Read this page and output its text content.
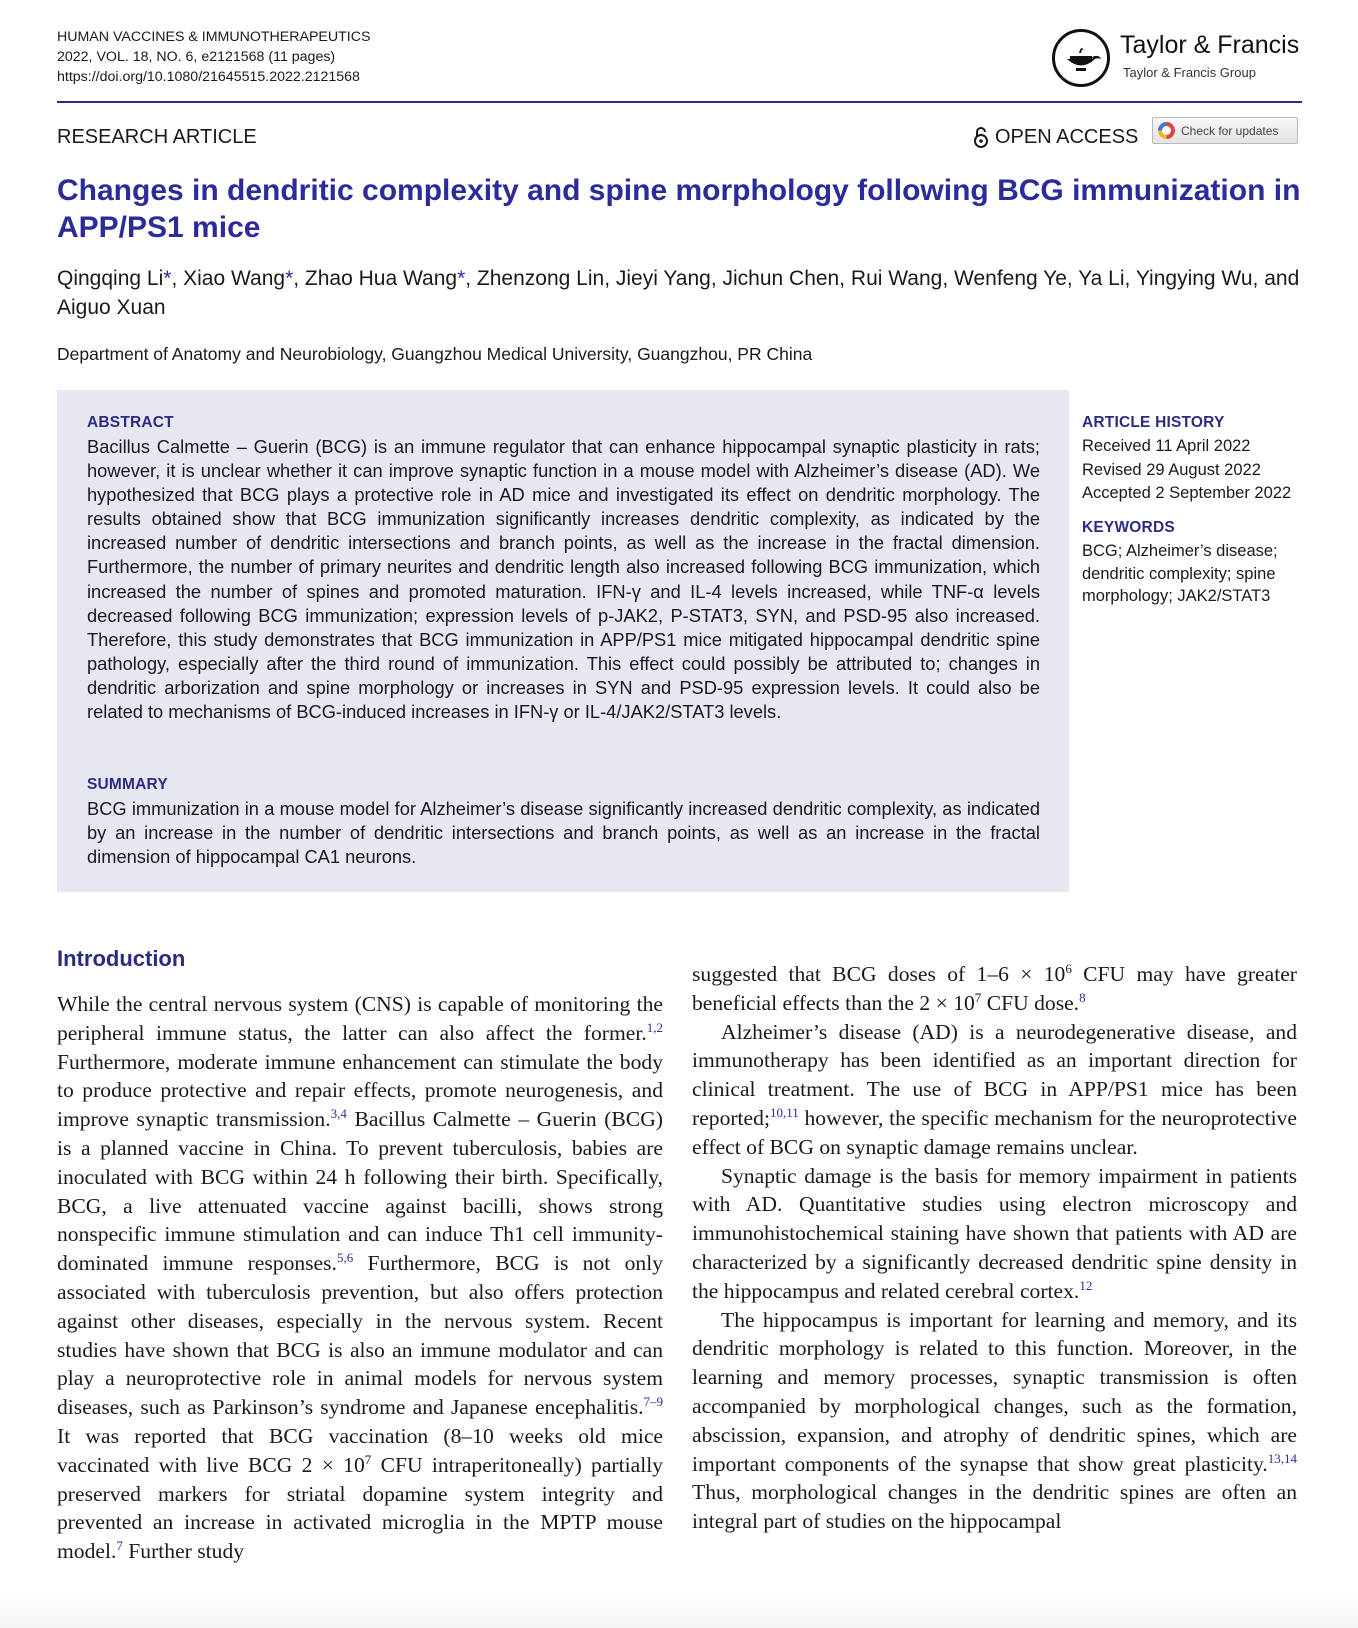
HUMAN VACCINES & IMMUNOTHERAPEUTICS
2022, VOL. 18, NO. 6, e2121568 (11 pages)
https://doi.org/10.1080/21645515.2022.2121568
Taylor & Francis
Taylor & Francis Group
RESEARCH ARTICLE	OPEN ACCESS	Check for updates
Changes in dendritic complexity and spine morphology following BCG immunization in APP/PS1 mice
Qingqing Li*, Xiao Wang*, Zhao Hua Wang*, Zhenzong Lin, Jieyi Yang, Jichun Chen, Rui Wang, Wenfeng Ye, Ya Li, Yingying Wu, and Aiguo Xuan
Department of Anatomy and Neurobiology, Guangzhou Medical University, Guangzhou, PR China
ABSTRACT
Bacillus Calmette – Guerin (BCG) is an immune regulator that can enhance hippocampal synaptic plasticity in rats; however, it is unclear whether it can improve synaptic function in a mouse model with Alzheimer’s disease (AD). We hypothesized that BCG plays a protective role in AD mice and investigated its effect on dendritic morphology. The results obtained show that BCG immunization significantly increases dendritic complexity, as indicated by the increased number of dendritic intersections and branch points, as well as the increase in the fractal dimension. Furthermore, the number of primary neurites and dendritic length also increased following BCG immunization, which increased the number of spines and promoted maturation. IFN-γ and IL-4 levels increased, while TNF-α levels decreased following BCG immunization; expression levels of p-JAK2, P-STAT3, SYN, and PSD-95 also increased. Therefore, this study demonstrates that BCG immunization in APP/PS1 mice mitigated hippocampal dendritic spine pathology, especially after the third round of immunization. This effect could possibly be attributed to; changes in dendritic arborization and spine morphology or increases in SYN and PSD-95 expression levels. It could also be related to mechanisms of BCG-induced increases in IFN-γ or IL-4/JAK2/STAT3 levels.
SUMMARY
BCG immunization in a mouse model for Alzheimer’s disease significantly increased dendritic complexity, as indicated by an increase in the number of dendritic intersections and branch points, as well as an increase in the fractal dimension of hippocampal CA1 neurons.
ARTICLE HISTORY
Received 11 April 2022
Revised 29 August 2022
Accepted 2 September 2022
KEYWORDS
BCG; Alzheimer’s disease; dendritic complexity; spine morphology; JAK2/STAT3
Introduction

While the central nervous system (CNS) is capable of monitoring the peripheral immune status, the latter can also affect the former.$^{1,2}$ Furthermore, moderate immune enhancement can stimulate the body to produce protective and repair effects, promote neurogenesis, and improve synaptic transmission.$^{3,4}$ Bacillus Calmette – Guerin (BCG) is a planned vaccine in China. To prevent tuberculosis, babies are inoculated with BCG within 24 h following their birth. Specifically, BCG, a live attenuated vaccine against bacilli, shows strong nonspecific immune stimulation and can induce Th1 cell immunity-dominated immune responses.$^{5,6}$ Furthermore, BCG is not only associated with tuberculosis prevention, but also offers protection against other diseases, especially in the nervous system. Recent studies have shown that BCG is also an immune modulator and can play a neuroprotective role in animal models for nervous system diseases, such as Parkinson’s syndrome and Japanese encephalitis.$^{7-9}$ It was reported that BCG vaccination (8–10 weeks old mice vaccinated with live BCG $2 \times 10^7$ CFU intraperitoneally) partially preserved markers for striatal dopamine system integrity and prevented an increase in activated microglia in the MPTP mouse model.$^7$ Further study

suggested that BCG doses of $1-6 \times 10^6$ CFU may have greater beneficial effects than the $2 \times 10^7$ CFU dose.$^8$

Alzheimer’s disease (AD) is a neurodegenerative disease, and immunotherapy has been identified as an important direction for clinical treatment. The use of BCG in APP/PS1 mice has been reported;$^{10,11}$ however, the specific mechanism for the neuroprotective effect of BCG on synaptic damage remains unclear.

Synaptic damage is the basis for memory impairment in patients with AD. Quantitative studies using electron microscopy and immunohistochemical staining have shown that patients with AD are characterized by a significantly decreased dendritic spine density in the hippocampus and related cerebral cortex.$^{12}$

The hippocampus is important for learning and memory, and its dendritic morphology is related to this function. Moreover, in the learning and memory processes, synaptic transmission is often accompanied by morphological changes, such as the formation, abscission, expansion, and atrophy of dendritic spines, which are important components of the synapse that show great plasticity.$^{13,14}$ Thus, morphological changes in the dendritic spines are often an integral part of studies on the hippocampal
